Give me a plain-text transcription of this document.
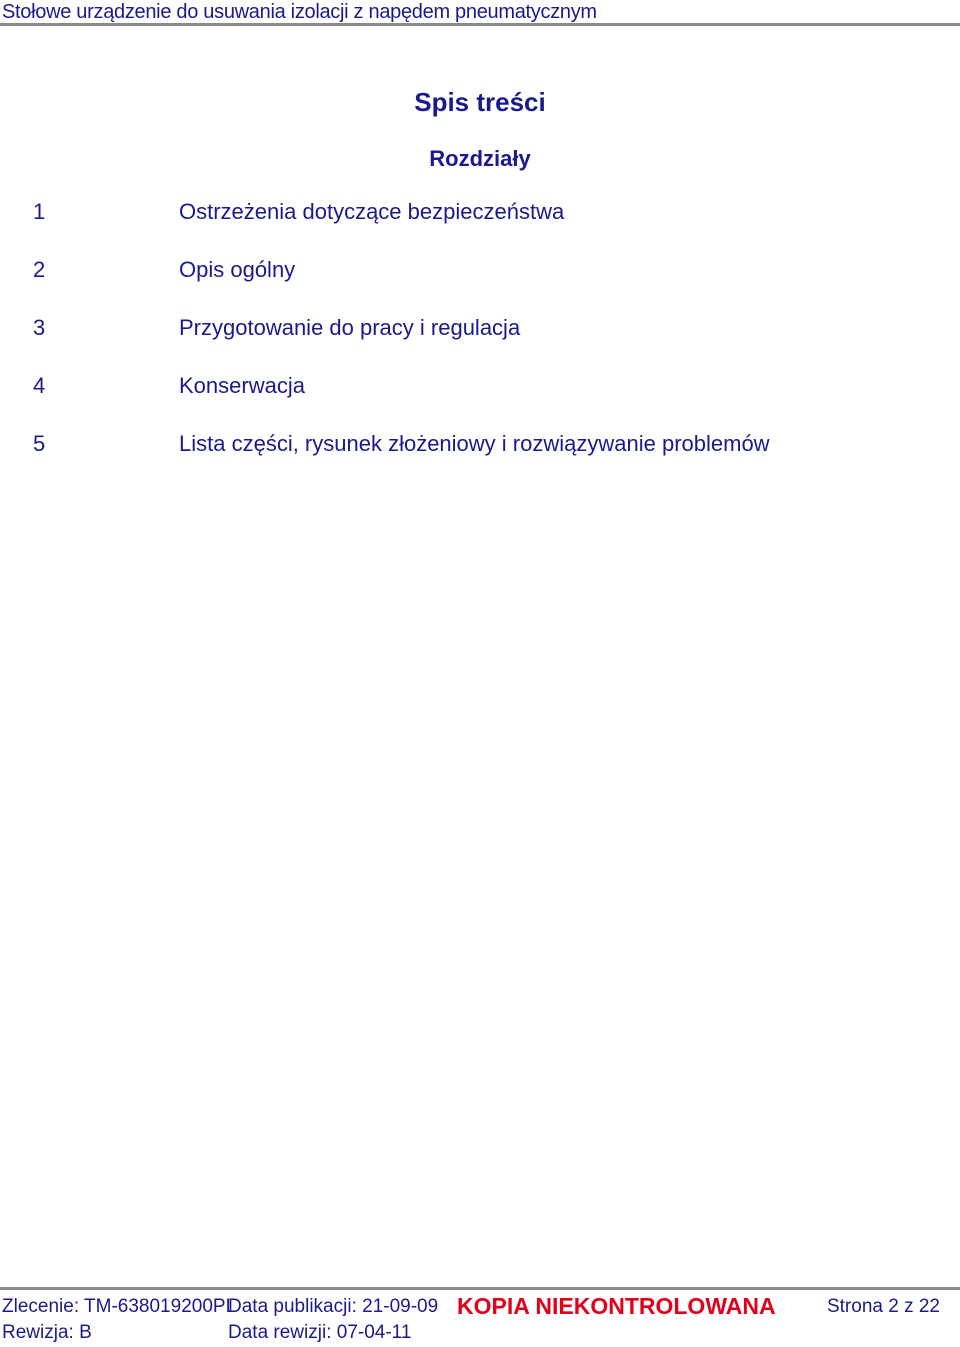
Stołowe urządzenie do usuwania izolacji z napędem pneumatycznym
Spis treści
Rozdziały
1	Ostrzeżenia dotyczące bezpieczeństwa
2	Opis ogólny
3	Przygotowanie do pracy i regulacja
4	Konserwacja
5	Lista części, rysunek złożeniowy i rozwiązywanie problemów
Zlecenie: TM-638019200PL
Data publikacji: 21-09-09 KOPIA NIEKONTROLOWANA	Strona 2 z 22
Rewizja: B	Data rewizji: 07-04-11
